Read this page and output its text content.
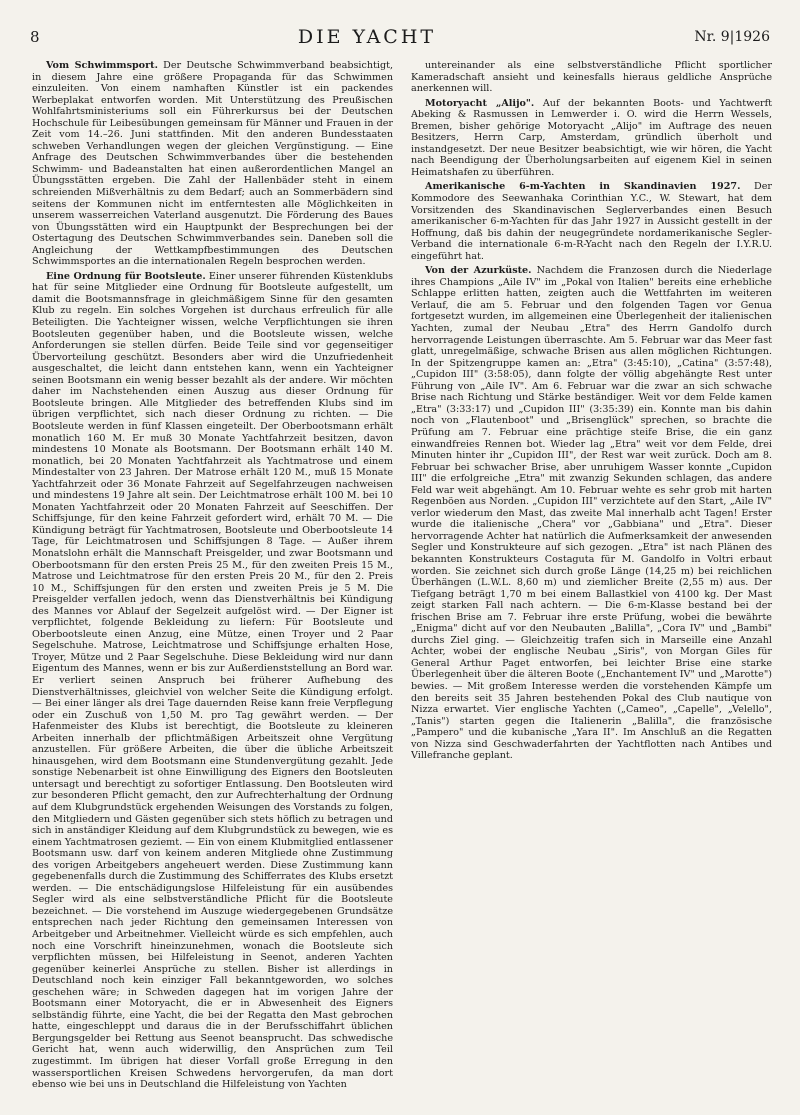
8	DIE YACHT	Nr. 9|1926

Vom Schwimmsport. Der Deutsche Schwimmverband beabsichtigt, in diesem Jahre eine größere Propaganda für das Schwimmen einzuleiten. Von einem namhaften Künstler ist ein packendes Werbeplakat entworfen worden. Mit Unterstützung des Preußischen Wohlfahrtsministeriums soll ein Führerkursus bei der Deutschen Hochschule für Leibesübungen gemeinsam für Männer und Frauen in der Zeit vom 14.–26. Juni stattfinden. Mit den anderen Bundesstaaten schweben Verhandlungen wegen der gleichen Vergünstigung. — Eine Anfrage des Deutschen Schwimmverbandes über die bestehenden Schwimm- und Badeanstalten hat einen außerordentlichen Mangel an Übungsstätten ergeben. Die Zahl der Hallenbäder steht in einem schreienden Mißverhältnis zu dem Bedarf; auch an Sommerbädern sind seitens der Kommunen nicht im entferntesten alle Möglichkeiten in unserem wasserreichen Vaterland ausgenutzt. Die Förderung des Baues von Übungsstätten wird ein Hauptpunkt der Besprechungen bei der Ostertagung des Deutschen Schwimmverbandes sein. Daneben soll die Angleichung der Wettkampfbestimmungen des Deutschen Schwimmsportes an die internationalen Regeln besprochen werden.

Eine Ordnung für Bootsleute. Einer unserer führenden Küstenklubs hat für seine Mitglieder eine Ordnung für Bootsleute aufgestellt, um damit die Bootsmannsfrage in gleichmäßigem Sinne für den gesamten Klub zu regeln. Ein solches Vorgehen ist durchaus erfreulich für alle Beteiligten. Die Yachteigner wissen, welche Verpflichtungen sie ihren Bootsleuten gegenüber haben, und die Bootsleute wissen, welche Anforderungen sie stellen dürfen. Beide Teile sind vor gegenseitiger Übervorteilung geschützt. Besonders aber wird die Unzufriedenheit ausgeschaltet, die leicht dann entstehen kann, wenn ein Yachteigner seinen Bootsmann ein wenig besser bezahlt als der andere. Wir möchten daher im Nachstehenden einen Auszug aus dieser Ordnung für Bootsleute bringen. Alle Mitglieder des betreffenden Klubs sind im übrigen verpflichtet, sich nach dieser Ordnung zu richten. — Die Bootsleute werden in fünf Klassen eingeteilt. Der Oberbootsmann erhält monatlich 160 M. Er muß 30 Monate Yachtfahrzeit besitzen, davon mindestens 10 Monate als Bootsmann. Der Bootsmann erhält 140 M. monatlich, bei 20 Monaten Yachtfahrzeit als Yachtmatrose und einem Mindestalter von 23 Jahren. Der Matrose erhält 120 M., muß 15 Monate Yachtfahrzeit oder 36 Monate Fahrzeit auf Segelfahrzeugen nachweisen und mindestens 19 Jahre alt sein. Der Leichtmatrose erhält 100 M. bei 10 Monaten Yachtfahrzeit oder 20 Monaten Fahrzeit auf Seeschiffen. Der Schiffsjunge, für den keine Fahrzeit gefordert wird, erhält 70 M. — Die Kündigung beträgt für Yachtmatrosen, Bootsleute und Oberbootsleute 14 Tage, für Leichtmatrosen und Schiffsjungen 8 Tage. — Außer ihrem Monatslohn erhält die Mannschaft Preisgelder, und zwar Bootsmann und Oberbootsmann für den ersten Preis 25 M., für den zweiten Preis 15 M., Matrose und Leichtmatrose für den ersten Preis 20 M., für den 2. Preis 10 M., Schiffsjungen für den ersten und zweiten Preis je 5 M. Die Preisgelder verfallen jedoch, wenn das Dienstverhältnis bei Kündigung des Mannes vor Ablauf der Segelzeit aufgelöst wird. — Der Eigner ist verpflichtet, folgende Bekleidung zu liefern: Für Bootsleute und Oberbootsleute einen Anzug, eine Mütze, einen Troyer und 2 Paar Segelschuhe. Matrose, Leichtmatrose und Schiffsjunge erhalten Hose, Troyer, Mütze und 2 Paar Segelschuhe. Diese Bekleidung wird nur dann Eigentum des Mannes, wenn er bis zur Außerdienststellung an Bord war. Er verliert seinen Anspruch bei früherer Aufhebung des Dienstverhältnisses, gleichviel von welcher Seite die Kündigung erfolgt. — Bei einer länger als drei Tage dauernden Reise kann freie Verpflegung oder ein Zuschuß von 1,50 M. pro Tag gewährt werden. — Der Hafenmeister des Klubs ist berechtigt, die Bootsleute zu kleineren Arbeiten innerhalb der pflichtmäßigen Arbeitszeit ohne Vergütung anzustellen. Für größere Arbeiten, die über die übliche Arbeitszeit hinausgehen, wird dem Bootsmann eine Stundenvergütung gezahlt. Jede sonstige Nebenarbeit ist ohne Einwilligung des Eigners den Bootsleuten untersagt und berechtigt zu sofortiger Entlassung. Den Bootsleuten wird zur besonderen Pflicht gemacht, den zur Aufrechterhaltung der Ordnung auf dem Klubgrundstück ergehenden Weisungen des Vorstands zu folgen, den Mitgliedern und Gästen gegenüber sich stets höflich zu betragen und sich in anständiger Kleidung auf dem Klubgrundstück zu bewegen, wie es einem Yachtmatrosen geziemt. — Ein von einem Klubmitglied entlassener Bootsmann usw. darf von keinem anderen Mitgliede ohne Zustimmung des vorigen Arbeitgebers angeheuert werden. Diese Zustimmung kann gegebenenfalls durch die Zustimmung des Schifferrates des Klubs ersetzt werden. — Die entschädigungslose Hilfeleistung für ein ausübendes Segler wird als eine selbstverständliche Pflicht für die Bootsleute bezeichnet. — Die vorstehend im Auszuge wiedergegebenen Grundsätze entsprechen nach jeder Richtung den gemeinsamen Interessen von Arbeitgeber und Arbeitnehmer. Vielleicht würde es sich empfehlen, auch noch eine Vorschrift hineinzunehmen, wonach die Bootsleute sich verpflichten müssen, bei Hilfeleistung in Seenot, anderen Yachten gegenüber keinerlei Ansprüche zu stellen. Bisher ist allerdings in Deutschland noch kein einziger Fall bekanntgeworden, wo solches geschehen wäre; in Schweden dagegen hat im vorigen Jahre der Bootsmann einer Motoryacht, die er in Abwesenheit des Eigners selbständig führte, eine Yacht, die bei der Regatta den Mast gebrochen hatte, eingeschleppt und daraus die in der Berufsschiffahrt üblichen Bergungsgelder bei Rettung aus Seenot beansprucht. Das schwedische Gericht hat, wenn auch widerwillig, den Ansprüchen zum Teil zugestimmt. Im übrigen hat dieser Vorfall große Erregung in den wassersportlichen Kreisen Schwedens hervorgerufen, da man dort ebenso wie bei uns in Deutschland die Hilfeleistung von Yachten

untereinander als eine selbstverständliche Pflicht sportlicher Kameradschaft ansieht und keinesfalls hieraus geldliche Ansprüche anerkennen will.

Motoryacht „Alijo". Auf der bekannten Boots- und Yachtwerft Abeking & Rasmussen in Lemwerder i. O. wird die Herrn Wessels, Bremen, bisher gehörige Motoryacht „Alijo" im Auftrage des neuen Besitzers, Herrn Carp, Amsterdam, gründlich überholt und instandgesetzt. Der neue Besitzer beabsichtigt, wie wir hören, die Yacht nach Beendigung der Überholungsarbeiten auf eigenem Kiel in seinen Heimatshafen zu überführen.

Amerikanische 6-m-Yachten in Skandinavien 1927. Der Kommodore des Seewanhaka Corinthian Y.C., W. Stewart, hat dem Vorsitzenden des Skandinavischen Seglerverbandes einen Besuch amerikanischer 6-m-Yachten für das Jahr 1927 in Aussicht gestellt in der Hoffnung, daß bis dahin der neugegründete nordamerikanische Segler-Verband die internationale 6-m-R-Yacht nach den Regeln der I.Y.R.U. eingeführt hat.

Von der Azurküste. Nachdem die Franzosen durch die Niederlage ihres Champions „Aile IV" im „Pokal von Italien" bereits eine erhebliche Schlappe erlitten hatten, zeigten auch die Wettfahrten im weiteren Verlauf, die am 5. Februar und den folgenden Tagen vor Genua fortgesetzt wurden, im allgemeinen eine Überlegenheit der italienischen Yachten, zumal der Neubau „Etra" des Herrn Gandolfo durch hervorragende Leistungen überraschte. Am 5. Februar war das Meer fast glatt, unregelmäßige, schwache Brisen aus allen möglichen Richtungen. In der Spitzengruppe kamen an: „Etra" (3:45:10), „Catina" (3:57:48), „Cupidon III" (3:58:05), dann folgte der völlig abgehängte Rest unter Führung von „Aile IV". Am 6. Februar war die zwar an sich schwache Brise nach Richtung und Stärke beständiger. Weit vor dem Felde kamen „Etra" (3:33:17) und „Cupidon III" (3:35:39) ein. Konnte man bis dahin noch von „Flautenboot" und „Brisenglück" sprechen, so brachte die Prüfung am 7. Februar eine prächtige steife Brise, die ein ganz einwandfreies Rennen bot. Wieder lag „Etra" weit vor dem Felde, drei Minuten hinter ihr „Cupidon III", der Rest war weit zurück. Doch am 8. Februar bei schwacher Brise, aber unruhigem Wasser konnte „Cupidon III" die erfolgreiche „Etra" mit zwanzig Sekunden schlagen, das andere Feld war weit abgehängt. Am 10. Februar wehte es sehr grob mit harten Regenböen aus Norden. „Cupidon III" verzichtete auf den Start, „Aile IV" verlor wiederum den Mast, das zweite Mal innerhalb acht Tagen! Erster wurde die italienische „Chera" vor „Gabbiana" und „Etra". Dieser hervorragende Achter hat natürlich die Aufmerksamkeit der anwesenden Segler und Konstrukteure auf sich gezogen. „Etra" ist nach Plänen des bekannten Konstrukteurs Costaguta für M. Gandolfo in Voltri erbaut worden. Sie zeichnet sich durch große Länge (14,25 m) bei reichlichen Überhängen (L.W.L. 8,60 m) und ziemlicher Breite (2,55 m) aus. Der Tiefgang beträgt 1,70 m bei einem Ballastkiel von 4100 kg. Der Mast zeigt starken Fall nach achtern. — Die 6-m-Klasse bestand bei der frischen Brise am 7. Februar ihre erste Prüfung, wobei die bewährte „Enigma" dicht auf vor den Neubauten „Balilla", „Cora IV" und „Bambi" durchs Ziel ging. — Gleichzeitig trafen sich in Marseille eine Anzahl Achter, wobei der englische Neubau „Siris", von Morgan Giles für General Arthur Paget entworfen, bei leichter Brise eine starke Überlegenheit über die älteren Boote („Enchantement IV" und „Marotte") bewies. — Mit großem Interesse werden die vorstehenden Kämpfe um den bereits seit 35 Jahren bestehenden Pokal des Club nautique von Nizza erwartet. Vier englische Yachten („Cameo", „Capelle", „Velello", „Tanis") starten gegen die Italienerin „Balilla", die französische „Pampero" und die kubanische „Yara II". Im Anschluß an die Regatten von Nizza sind Geschwaderfahrten der Yachtflotten nach Antibes und Villefranche geplant.
